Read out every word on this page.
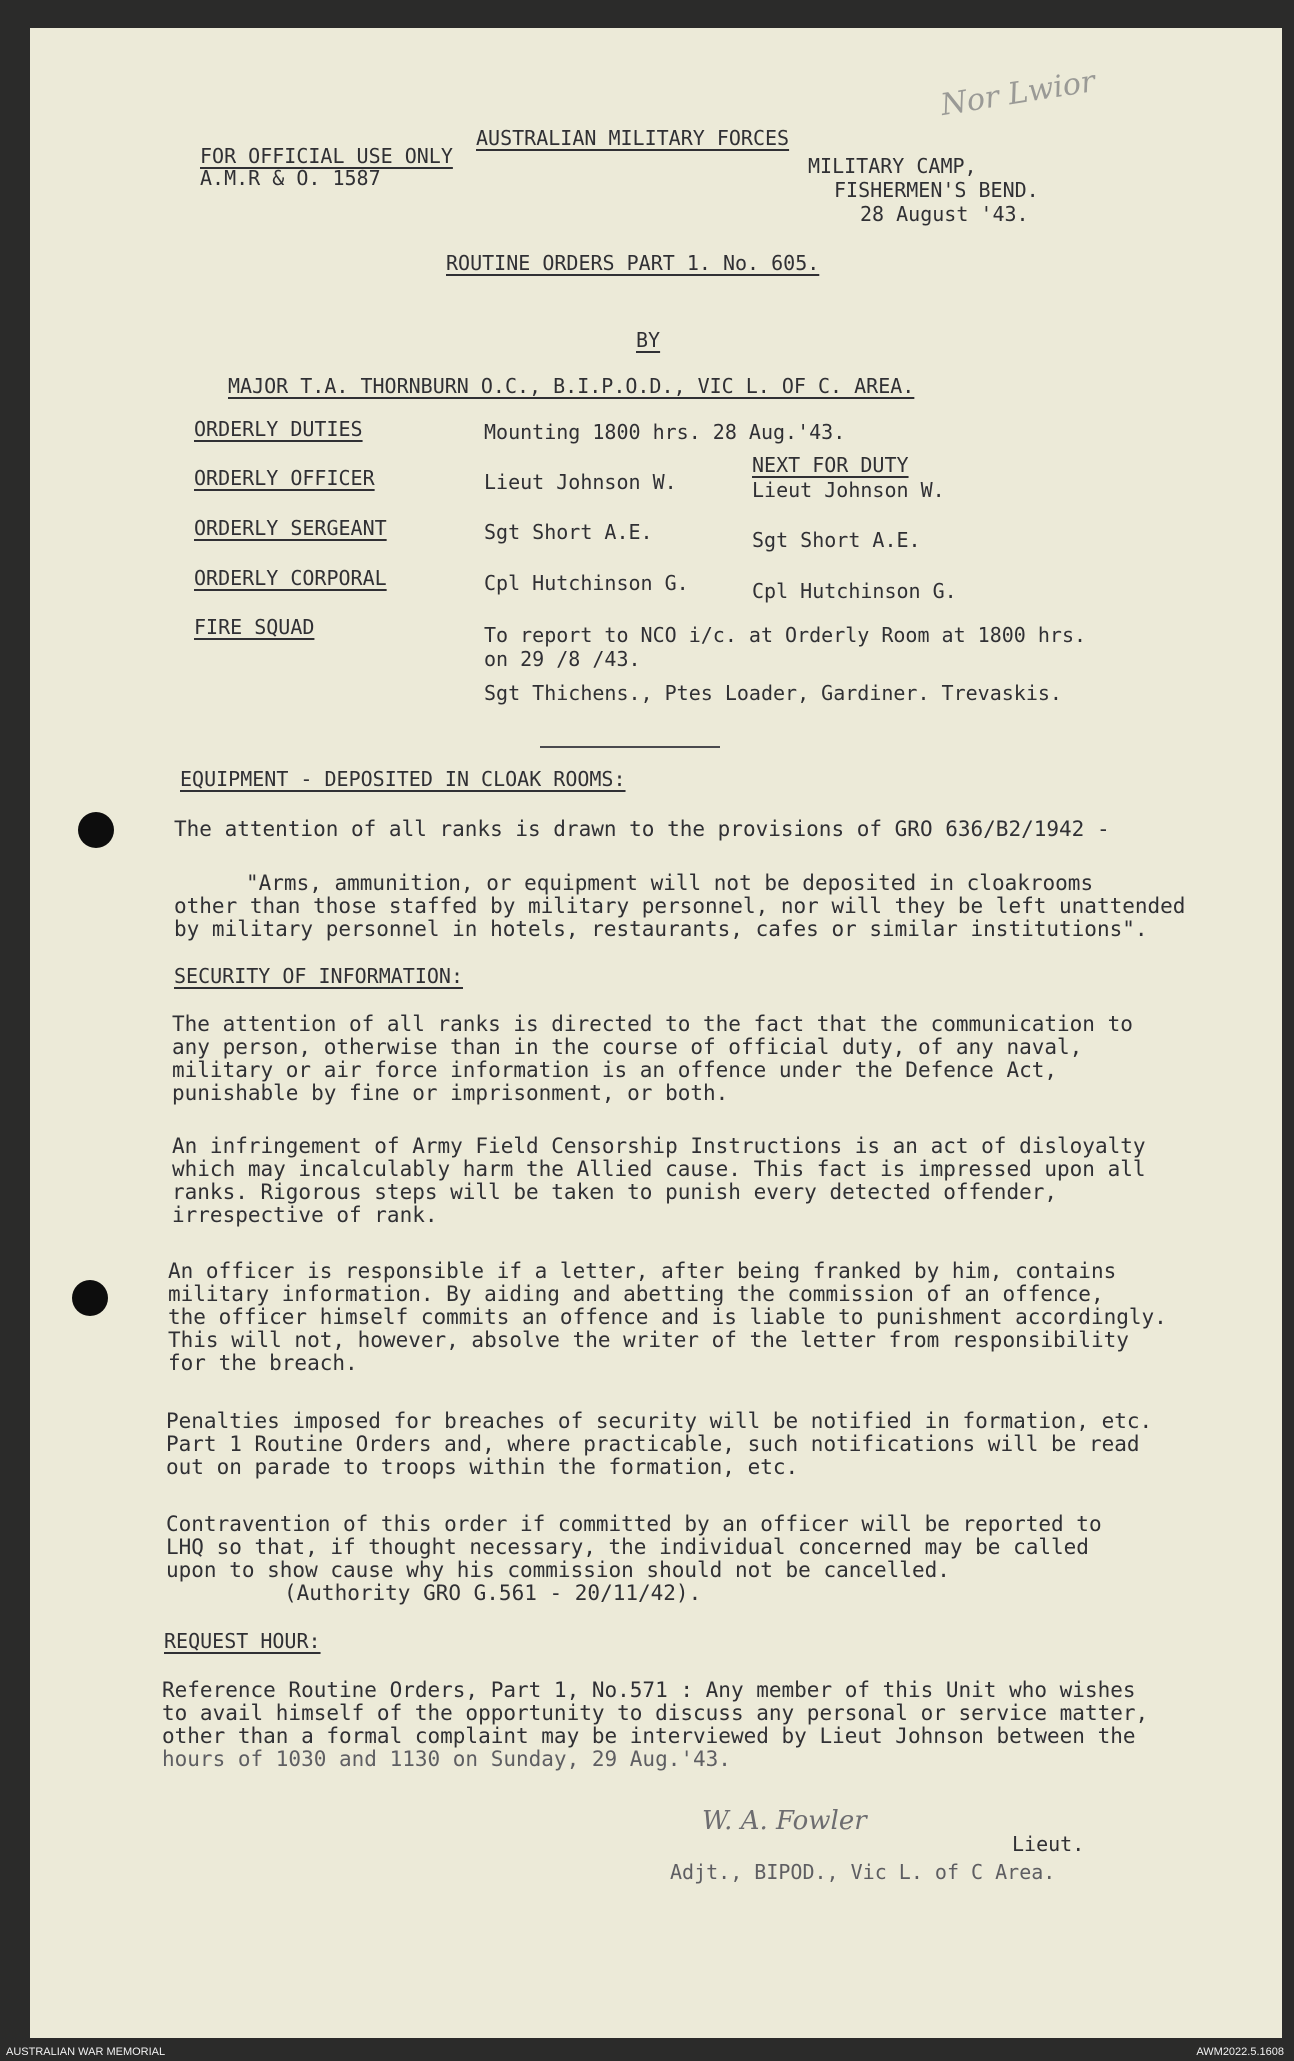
Nor Lwior
FOR OFFICIAL USE ONLY
A.M.R & O. 1587
AUSTRALIAN MILITARY FORCES
MILITARY CAMP,
FISHERMEN'S BEND.
28 August '43.
ROUTINE ORDERS PART 1. No. 605.
BY
MAJOR T.A. THORNBURN O.C., B.I.P.O.D., VIC L. OF C. AREA.
ORDERLY DUTIES	Mounting 1800 hrs. 28 Aug.'43.
NEXT FOR DUTY
ORDERLY OFFICER	Lieut Johnson W.	Lieut Johnson W.
ORDERLY SERGEANT	Sgt Short A.E.	Sgt Short A.E.
ORDERLY CORPORAL	Cpl Hutchinson G.	Cpl Hutchinson G.
FIRE SQUAD	To report to NCO i/c. at Orderly Room at 1800 hrs.
on 29 /8 /43.
Sgt Thichens., Ptes Loader, Gardiner. Trevaskis.
EQUIPMENT - DEPOSITED IN CLOAK ROOMS:
The attention of all ranks is drawn to the provisions of GRO 636/B2/1942 -
"Arms, ammunition, or equipment will not be deposited in cloakrooms
other than those staffed by military personnel, nor will they be left unattended
by military personnel in hotels, restaurants, cafes or similar institutions".
SECURITY OF INFORMATION:
The attention of all ranks is directed to the fact that the communication to
any person, otherwise than in the course of official duty, of any naval,
military or air force information is an offence under the Defence Act,
punishable by fine or imprisonment, or both.
An infringement of Army Field Censorship Instructions is an act of disloyalty
which may incalculably harm the Allied cause. This fact is impressed upon all
ranks. Rigorous steps will be taken to punish every detected offender,
irrespective of rank.
An officer is responsible if a letter, after being franked by him, contains
military information. By aiding and abetting the commission of an offence,
the officer himself commits an offence and is liable to punishment accordingly.
This will not, however, absolve the writer of the letter from responsibility
for the breach.
Penalties imposed for breaches of security will be notified in formation, etc.
Part 1 Routine Orders and, where practicable, such notifications will be read
out on parade to troops within the formation, etc.
Contravention of this order if committed by an officer will be reported to
LHQ so that, if thought necessary, the individual concerned may be called
upon to show cause why his commission should not be cancelled.
(Authority GRO G.561 - 20/11/42).
REQUEST HOUR:
Reference Routine Orders, Part 1, No.571 : Any member of this Unit who wishes
to avail himself of the opportunity to discuss any personal or service matter,
other than a formal complaint may be interviewed by Lieut Johnson between the
hours of 1030 and 1130 on Sunday, 29 Aug.'43.
W. A. Fowler
Lieut.
Adjt., BIPOD., Vic L. of C Area.
AUSTRALIAN WAR MEMORIAL	AWM2022.5.1608
